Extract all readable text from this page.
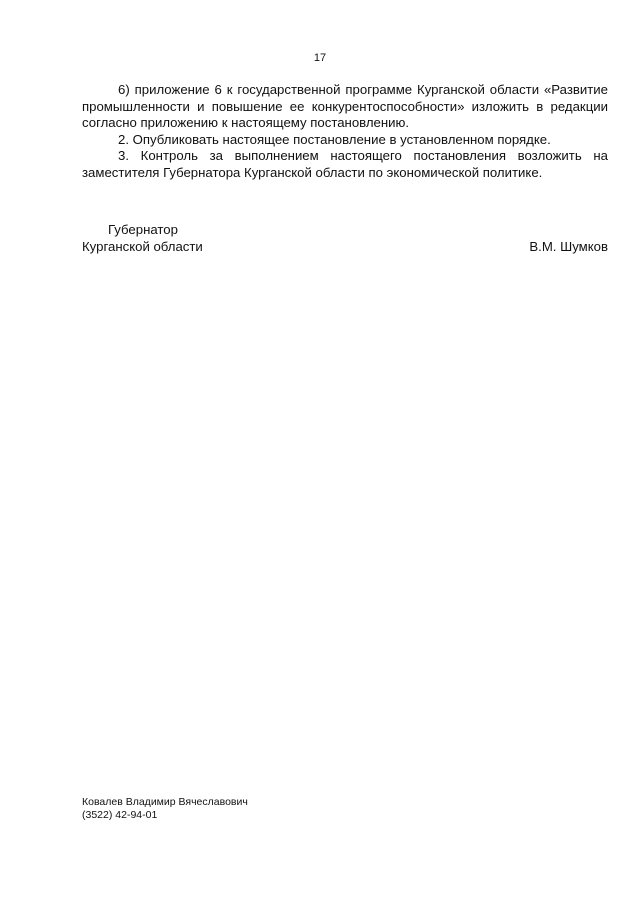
17

6) приложение 6 к государственной программе Курганской области «Развитие промышленности и повышение ее конкурентоспособности» изложить в редакции согласно приложению к настоящему постановлению.

2. Опубликовать настоящее постановление в установленном порядке.

3. Контроль за выполнением настоящего постановления возложить на заместителя Губернатора Курганской области по экономической политике.

Губернатор
Курганской области	В.М. Шумков
Ковалев Владимир Вячеславович
(3522) 42-94-01
